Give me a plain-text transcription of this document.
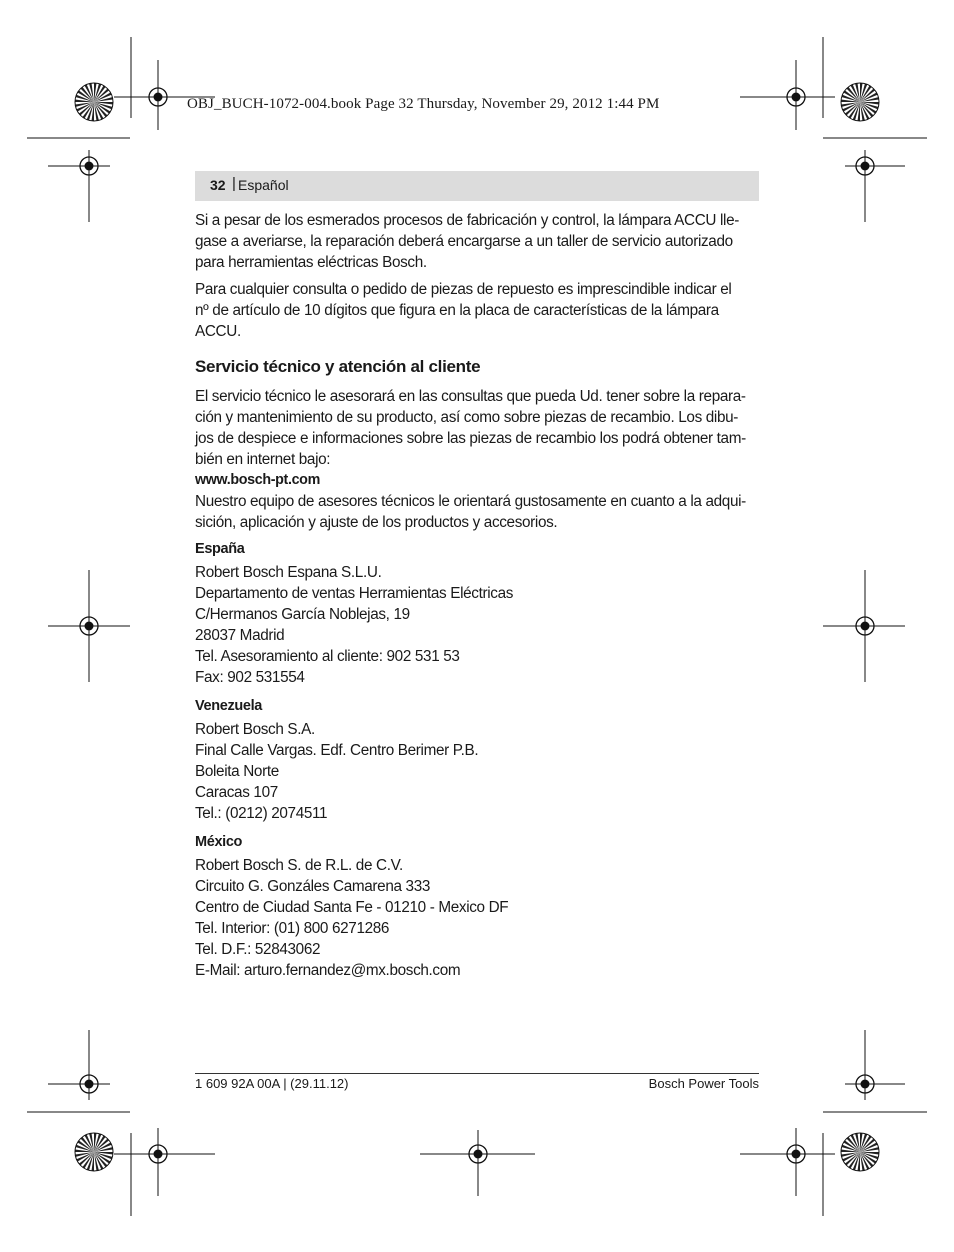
OBJ_BUCH-1072-004.book Page 32 Thursday, November 29, 2012 1:44 PM
32 | Español

Si a pesar de los esmerados procesos de fabricación y control, la lámpara ACCU lle-
gase a averiarse, la reparación deberá encargarse a un taller de servicio autorizado
para herramientas eléctricas Bosch.

Para cualquier consulta o pedido de piezas de repuesto es imprescindible indicar el
nº de artículo de 10 dígitos que figura en la placa de características de la lámpara
ACCU.

Servicio técnico y atención al cliente

El servicio técnico le asesorará en las consultas que pueda Ud. tener sobre la repara-
ción y mantenimiento de su producto, así como sobre piezas de recambio. Los dibu-
jos de despiece e informaciones sobre las piezas de recambio los podrá obtener tam-
bién en internet bajo:
www.bosch-pt.com

Nuestro equipo de asesores técnicos le orientará gustosamente en cuanto a la adqui-
sición, aplicación y ajuste de los productos y accesorios.

España
Robert Bosch Espana S.L.U.
Departamento de ventas Herramientas Eléctricas
C/Hermanos García Noblejas, 19
28037 Madrid
Tel. Asesoramiento al cliente: 902 531 53
Fax: 902 531554
Venezuela
Robert Bosch S.A.
Final Calle Vargas. Edf. Centro Berimer P.B.
Boleita Norte
Caracas 107
Tel.: (0212) 2074511
México
Robert Bosch S. de R.L. de C.V.
Circuito G. Gonzáles Camarena 333
Centro de Ciudad Santa Fe - 01210 - Mexico DF
Tel. Interior: (01) 800 6271286
Tel. D.F.: 52843062
E-Mail: arturo.fernandez@mx.bosch.com
1 609 92A 00A | (29.11.12)	Bosch Power Tools
